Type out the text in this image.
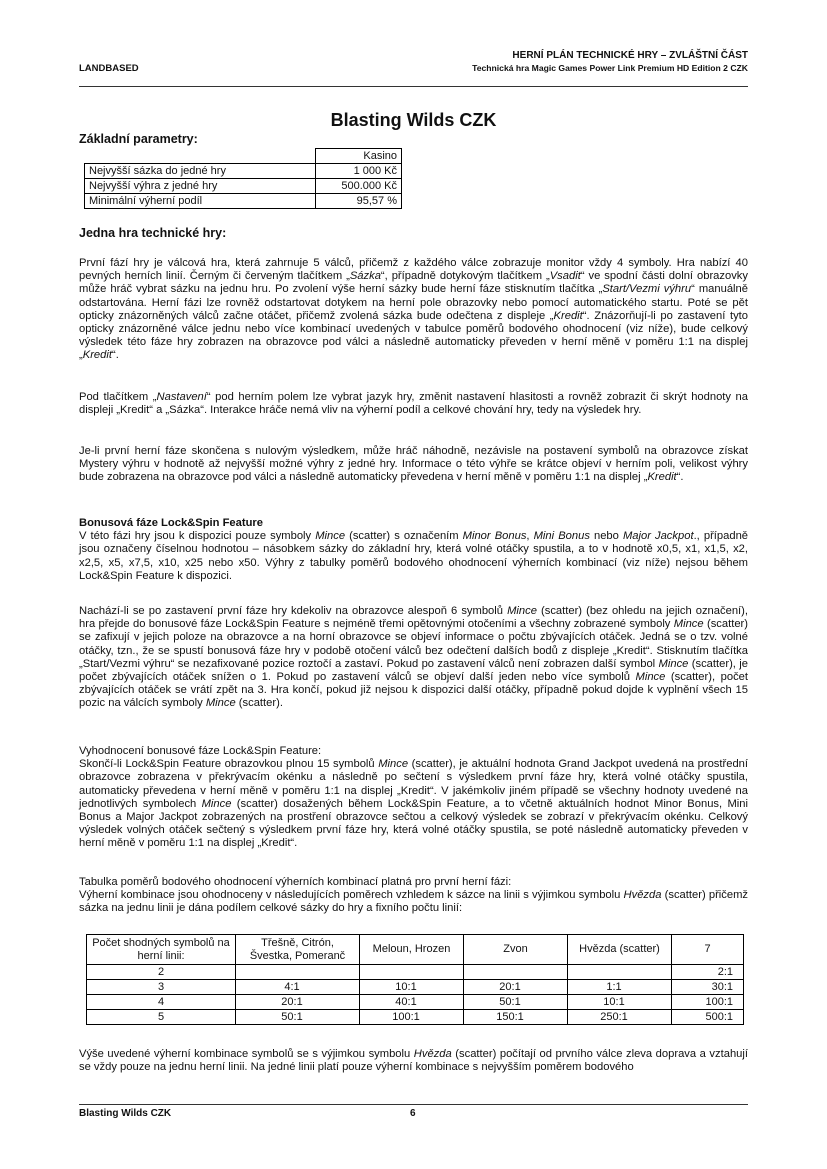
LANDBASED
HERNÍ PLÁN TECHNICKÉ HRY – ZVLÁŠTNÍ ČÁST
Technická hra Magic Games Power Link Premium HD Edition 2 CZK
Blasting Wilds CZK
Základní parametry:
	Kasino
Nejvyšší sázka do jedné hry	1 000 Kč
Nejvyšší výhra z jedné hry	500.000 Kč
Minimální výherní podíl	95,57 %
Jedna hra technické hry:

První fází hry je válcová hra, která zahrnuje 5 válců, přičemž z každého válce zobrazuje monitor vždy 4 symboly. Hra nabízí 40 pevných herních linií. Černým či červeným tlačítkem „Sázka“, případně dotykovým tlačítkem „Vsadit“ ve spodní části dolní obrazovky může hráč vybrat sázku na jednu hru. Po zvolení výše herní sázky bude herní fáze stisknutím tlačítka „Start/Vezmi výhru“ manuálně odstartována. Herní fázi lze rovněž odstartovat dotykem na herní pole obrazovky nebo pomocí automatického startu. Poté se pět opticky znázorněných válců začne otáčet, přičemž zvolená sázka bude odečtena z displeje „Kredit“. Znázorňují-li po zastavení tyto opticky znázorněné válce jednu nebo více kombinací uvedených v tabulce poměrů bodového ohodnocení (viz níže), bude celkový výsledek této fáze hry zobrazen na obrazovce pod válci a následně automaticky převeden v herní měně v poměru 1:1 na displej „Kredit“.

Pod tlačítkem „Nastavení“ pod herním polem lze vybrat jazyk hry, změnit nastavení hlasitosti a rovněž zobrazit či skrýt hodnoty na displeji „Kredit“ a „Sázka“. Interakce hráče nemá vliv na výherní podíl a celkové chování hry, tedy na výsledek hry.

Je-li první herní fáze skončena s nulovým výsledkem, může hráč náhodně, nezávisle na postavení symbolů na obrazovce získat Mystery výhru v hodnotě až nejvyšší možné výhry z jedné hry. Informace o této výhře se krátce objeví v herním poli, velikost výhry bude zobrazena na obrazovce pod válci a následně automaticky převedena v herní měně v poměru 1:1 na displej „Kredit“.

Bonusová fáze Lock&Spin Feature

V této fázi hry jsou k dispozici pouze symboly Mince (scatter) s označením Minor Bonus, Mini Bonus nebo Major Jackpot., případně jsou označeny číselnou hodnotou – násobkem sázky do základní hry, která volné otáčky spustila, a to v hodnotě x0,5, x1, x1,5, x2, x2,5, x5, x7,5, x10, x25 nebo x50. Výhry z tabulky poměrů bodového ohodnocení výherních kombinací (viz níže) nejsou během Lock&Spin Feature k dispozici.

Nachází-li se po zastavení první fáze hry kdekoliv na obrazovce alespoň 6 symbolů Mince (scatter) (bez ohledu na jejich označení), hra přejde do bonusové fáze Lock&Spin Feature s nejméně třemi opětovnými otočeními a všechny zobrazené symboly Mince (scatter) se zafixují v jejich poloze na obrazovce a na horní obrazovce se objeví informace o počtu zbývajících otáček. Jedná se o tzv. volné otáčky, tzn., že se spustí bonusová fáze hry v podobě otočení válců bez odečtení dalších bodů z displeje „Kredit“. Stisknutím tlačítka „Start/Vezmi výhru“ se nezafixované pozice roztočí a zastaví. Pokud po zastavení válců není zobrazen další symbol Mince (scatter), je počet zbývajících otáček snížen o 1. Pokud po zastavení válců se objeví další jeden nebo více symbolů Mince (scatter), počet zbývajících otáček se vrátí zpět na 3. Hra končí, pokud již nejsou k dispozici další otáčky, případně pokud dojde k vyplnění všech 15 pozic na válcích symboly Mince (scatter).

Vyhodnocení bonusové fáze Lock&Spin Feature:

Skončí-li Lock&Spin Feature obrazovkou plnou 15 symbolů Mince (scatter), je aktuální hodnota Grand Jackpot uvedená na prostřední obrazovce zobrazena v překrývacím okénku a následně po sečtení s výsledkem první fáze hry, která volné otáčky spustila, automaticky převedena v herní měně v poměru 1:1 na displej „Kredit“. V jakémkoliv jiném případě se všechny hodnoty uvedené na jednotlivých symbolech Mince (scatter) dosažených během Lock&Spin Feature, a to včetně aktuálních hodnot Minor Bonus, Mini Bonus a Major Jackpot zobrazených na prostření obrazovce sečtou a celkový výsledek se zobrazí v překrývacím okénku. Celkový výsledek volných otáček sečtený s výsledkem první fáze hry, která volné otáčky spustila, se poté následně automaticky převeden v herní měně v poměru 1:1 na displej „Kredit“.

Tabulka poměrů bodového ohodnocení výherních kombinací platná pro první herní fázi:

Výherní kombinace jsou ohodnoceny v následujících poměrech vzhledem k sázce na linii s výjimkou symbolu Hvězda (scatter) přičemž sázka na jednu linii je dána podílem celkové sázky do hry a fixního počtu linií:

Počet shodných symbolů na herní linii:	Třešně, Citrón, Švestka, Pomeranč	Meloun, Hrozen	Zvon	Hvězda (scatter)	7
2					2:1
3	4:1	10:1	20:1	1:1	30:1
4	20:1	40:1	50:1	10:1	100:1
5	50:1	100:1	150:1	250:1	500:1

Výše uvedené výherní kombinace symbolů se s výjimkou symbolu Hvězda (scatter) počítají od prvního válce zleva doprava a vztahují se vždy pouze na jednu herní linii. Na jedné linii platí pouze výherní kombinace s nejvyšším poměrem bodového

Blasting Wilds CZK	6
